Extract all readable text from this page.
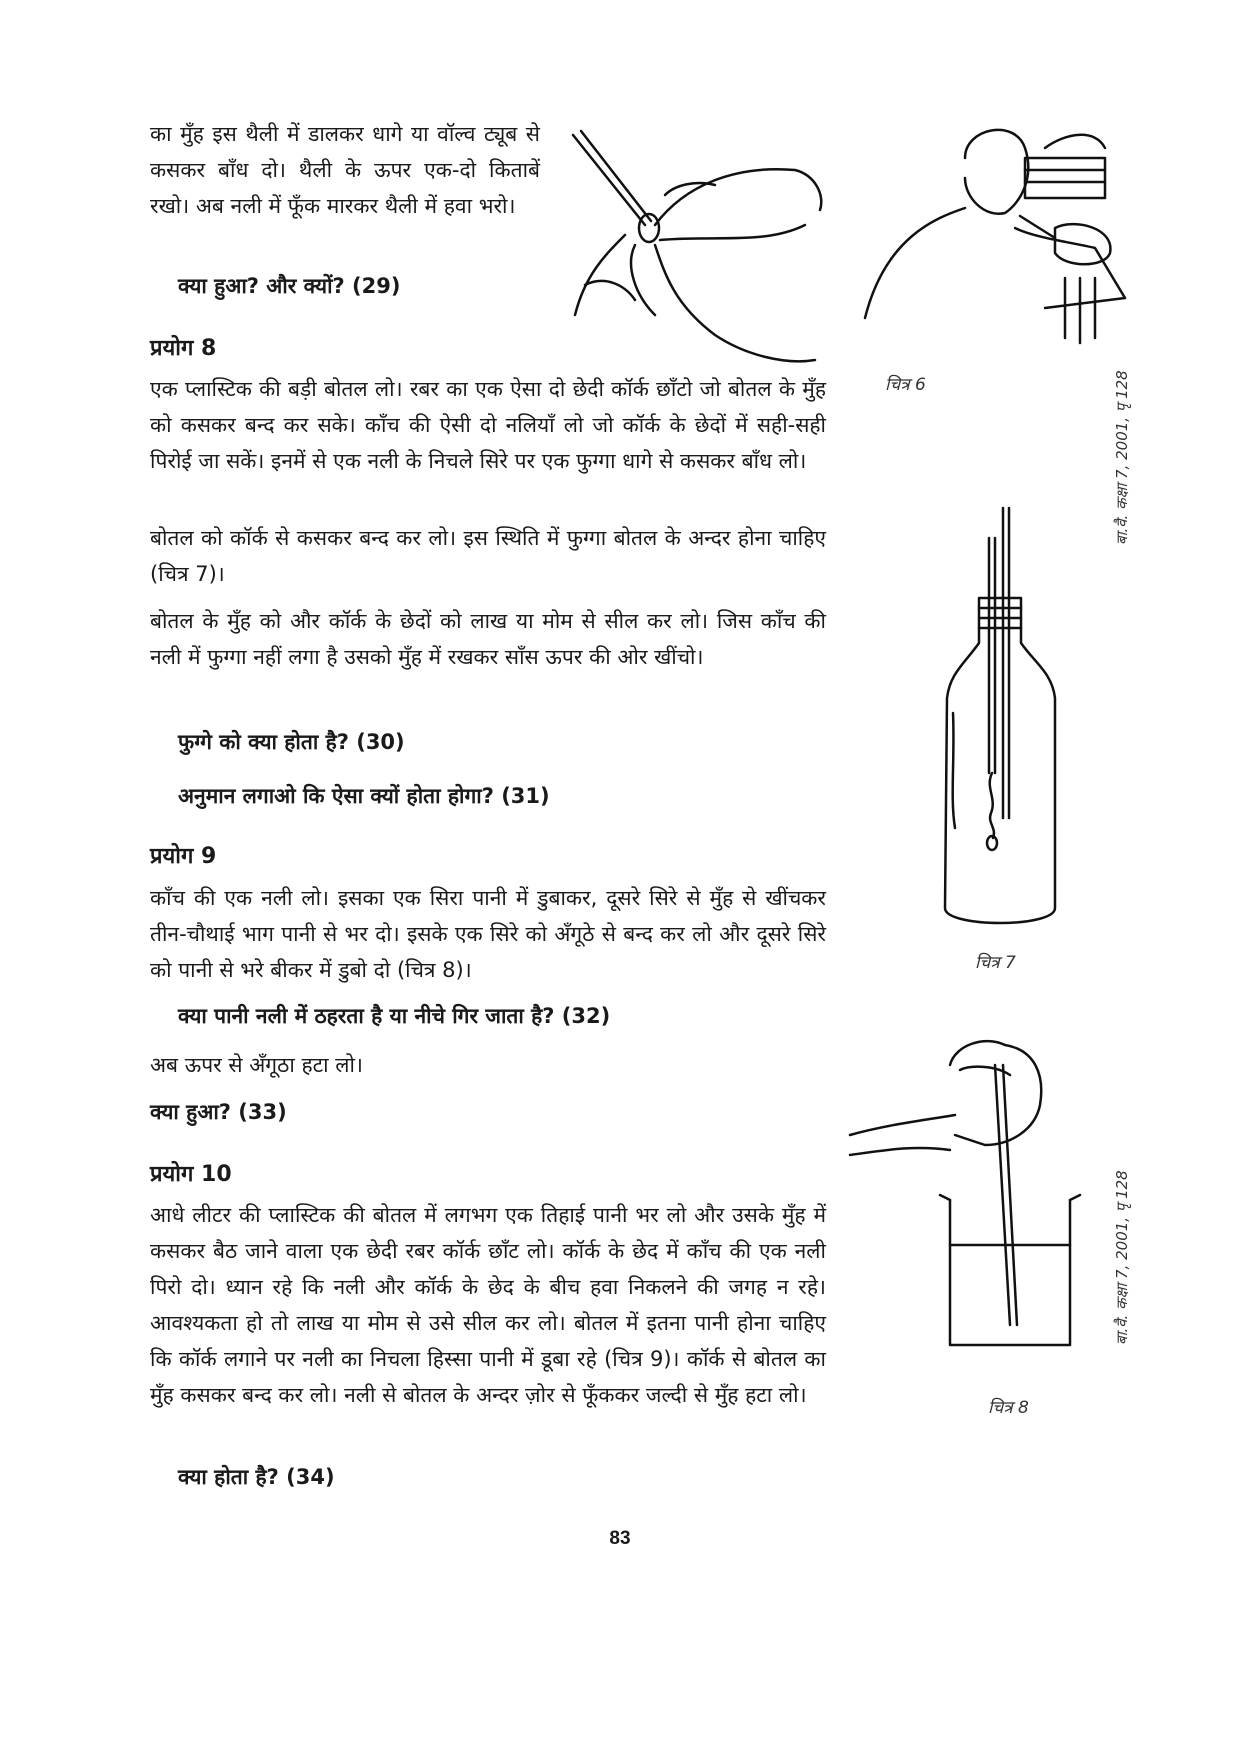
का मुँह इस थैली में डालकर धागे या वॉल्व ट्यूब से कसकर बाँध दो। थैली के ऊपर एक-दो किताबें रखो। अब नली में फूँक मारकर थैली में हवा भरो।

क्या हुआ? और क्यों? (29)

चित्र 6
प्रयोग 8

एक प्लास्टिक की बड़ी बोतल लो। रबर का एक ऐसा दो छेदी कॉर्क छाँटो जो बोतल के मुँह को कसकर बन्द कर सके। काँच की ऐसी दो नलियाँ लो जो कॉर्क के छेदों में सही-सही पिरोई जा सकें। इनमें से एक नली के निचले सिरे पर एक फुग्गा धागे से कसकर बाँध लो।

बोतल को कॉर्क से कसकर बन्द कर लो। इस स्थिति में फुग्गा बोतल के अन्दर होना चाहिए (चित्र 7)।

बोतल के मुँह को और कॉर्क के छेदों को लाख या मोम से सील कर लो। जिस काँच की नली में फुग्गा नहीं लगा है उसको मुँह में रखकर साँस ऊपर की ओर खींचो।

फुग्गे को क्या होता है? (30)

अनुमान लगाओ कि ऐसा क्यों होता होगा? (31)

चित्र 7
प्रयोग 9

काँच की एक नली लो। इसका एक सिरा पानी में डुबाकर, दूसरे सिरे से मुँह से खींचकर तीन-चौथाई भाग पानी से भर दो। इसके एक सिरे को अँगूठे से बन्द कर लो और दूसरे सिरे को पानी से भरे बीकर में डुबो दो (चित्र 8)।

क्या पानी नली में ठहरता है या नीचे गिर जाता है? (32)

अब ऊपर से अँगूठा हटा लो।

क्या हुआ? (33)

चित्र 8
प्रयोग 10

आधे लीटर की प्लास्टिक की बोतल में लगभग एक तिहाई पानी भर लो और उसके मुँह में कसकर बैठ जाने वाला एक छेदी रबर कॉर्क छाँट लो। कॉर्क के छेद में काँच की एक नली पिरो दो। ध्यान रहे कि नली और कॉर्क के छेद के बीच हवा निकलने की जगह न रहे। आवश्यकता हो तो लाख या मोम से उसे सील कर लो। बोतल में इतना पानी होना चाहिए कि कॉर्क लगाने पर नली का निचला हिस्सा पानी में डूबा रहे (चित्र 9)। कॉर्क से बोतल का मुँह कसकर बन्द कर लो। नली से बोतल के अन्दर ज़ोर से फूँककर जल्दी से मुँह हटा लो।

क्या होता है? (34)

बा.वै. कक्षा 7, 2001, पृ 128
बा.वै. कक्षा 7, 2001, पृ 128
83
